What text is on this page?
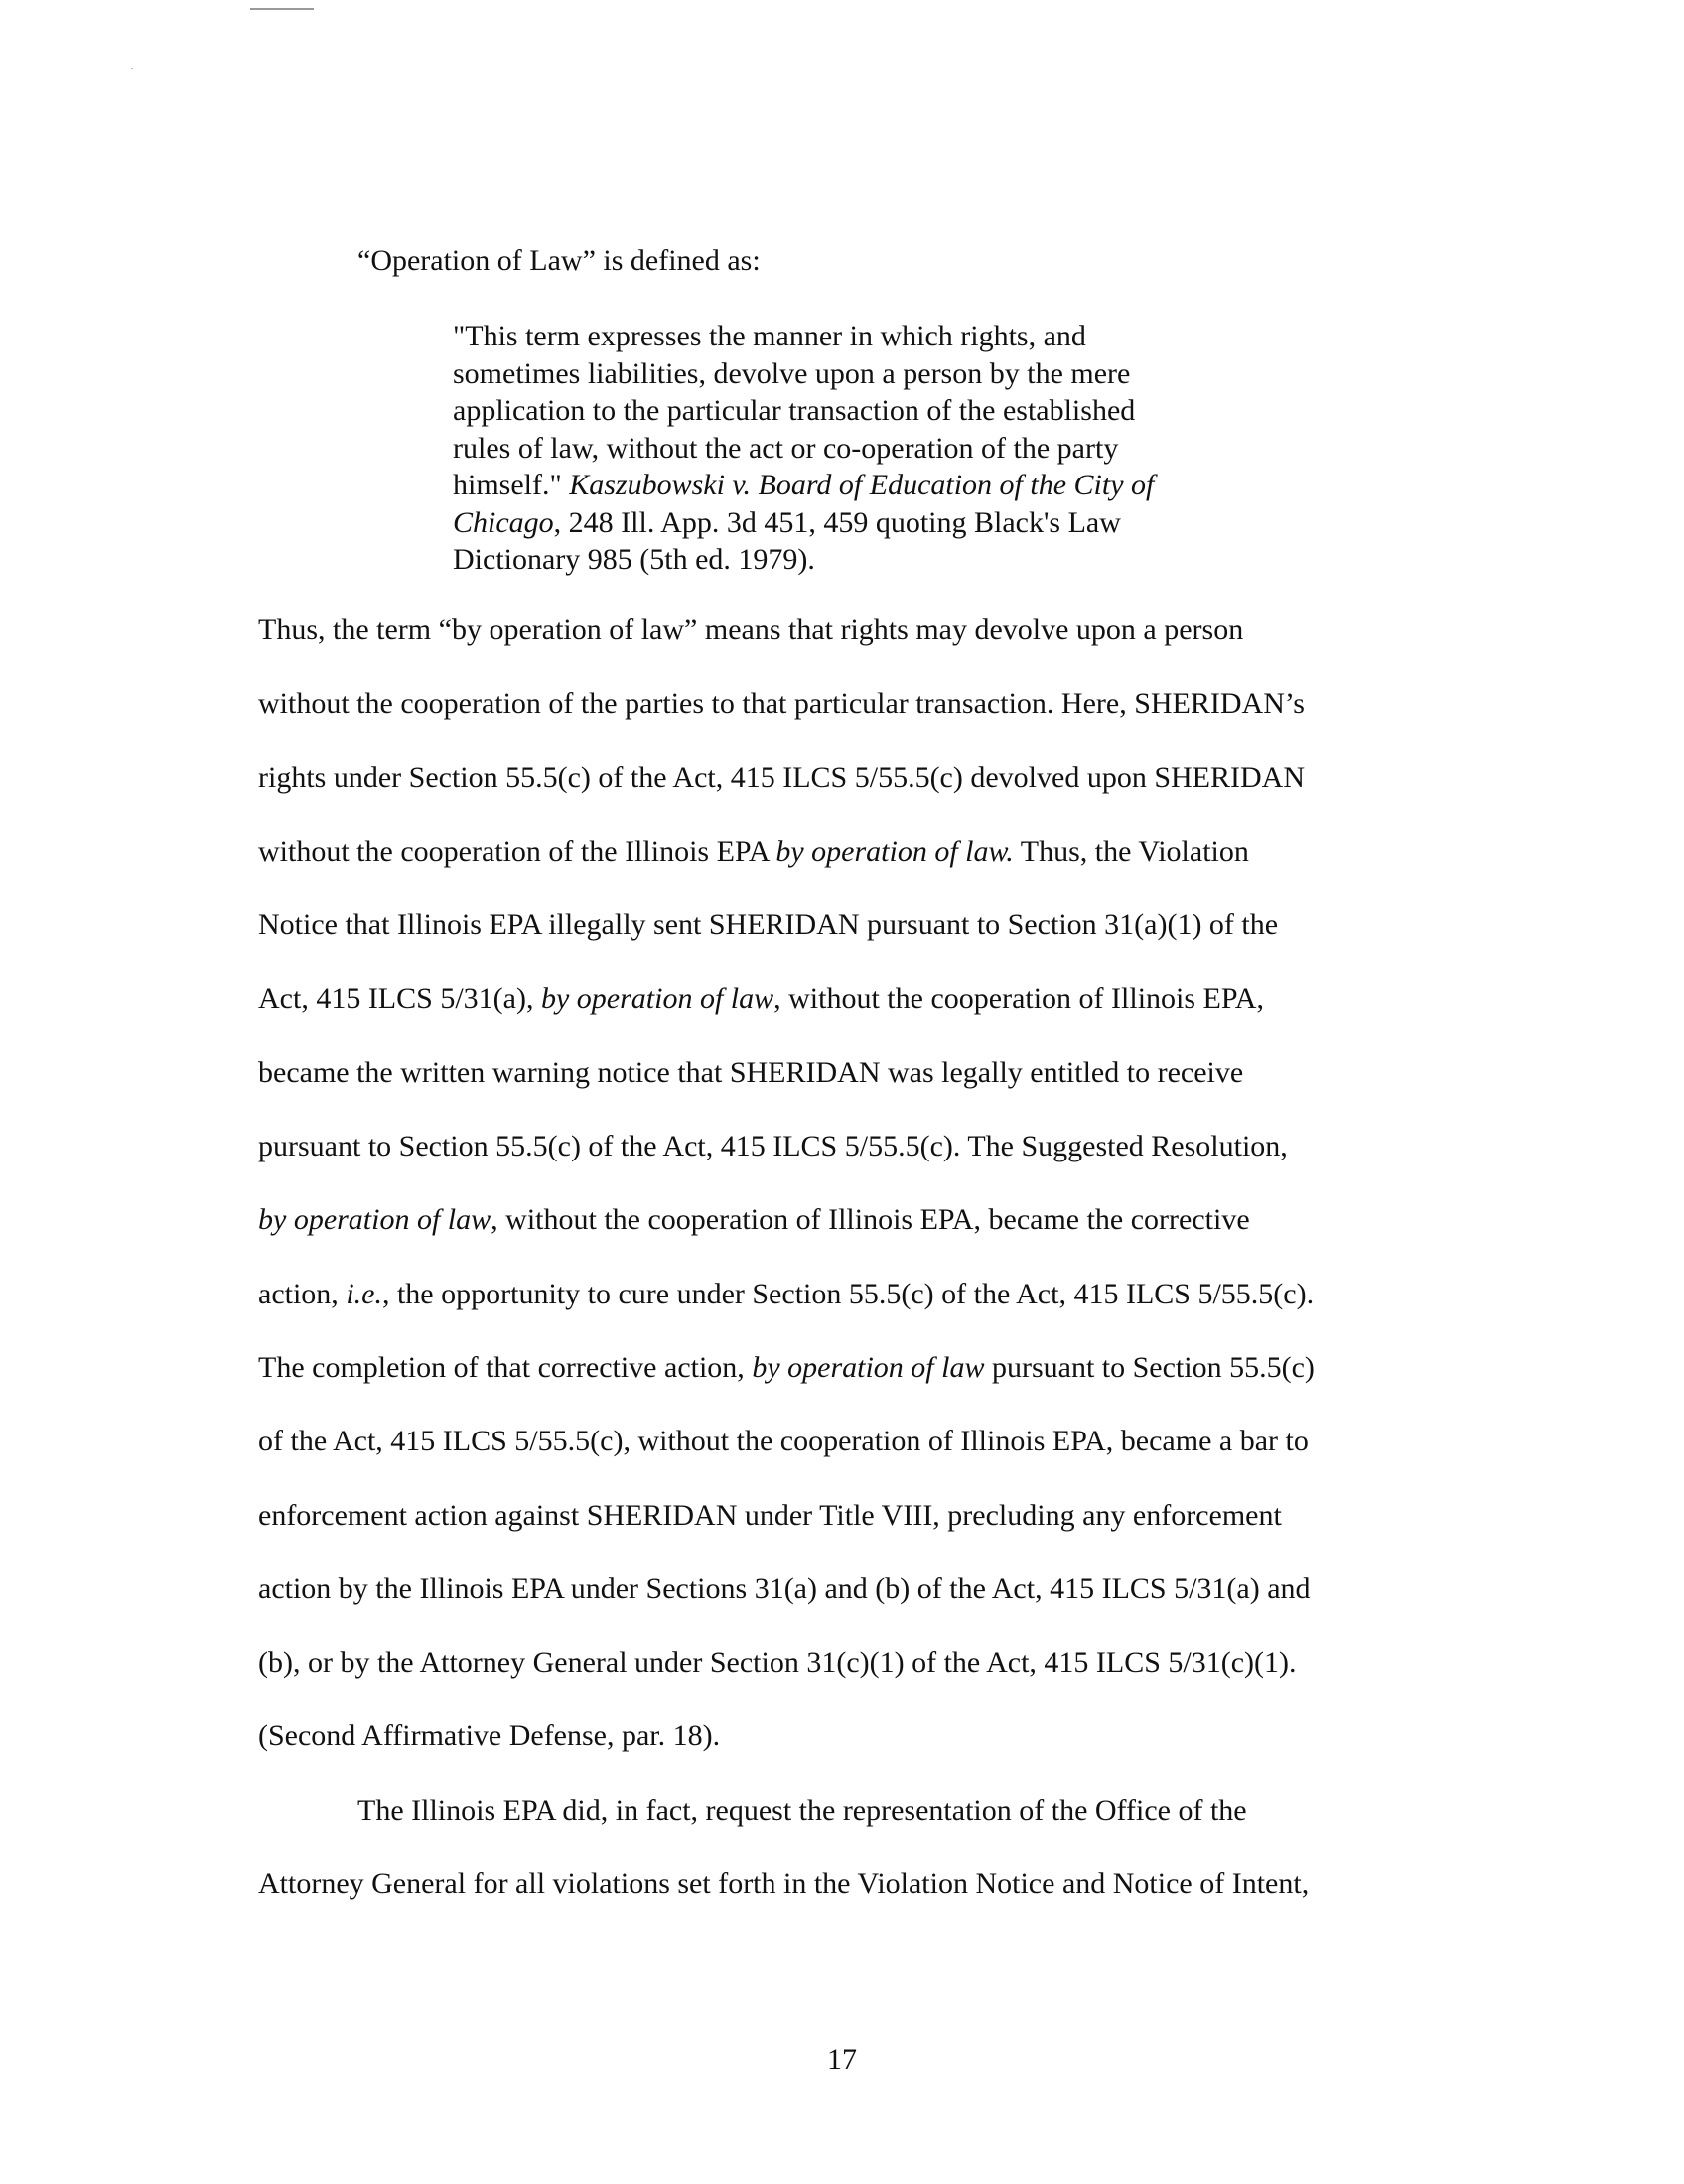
“Operation of Law” is defined as:
"This term expresses the manner in which rights, and
sometimes liabilities, devolve upon a person by the mere
application to the particular transaction of the established
rules of law, without the act or co-operation of the party
himself." Kaszubowski v. Board of Education of the City of
Chicago, 248 Ill. App. 3d 451, 459 quoting Black's Law
Dictionary 985 (5th ed. 1979).
Thus, the term “by operation of law” means that rights may devolve upon a person
without the cooperation of the parties to that particular transaction. Here, SHERIDAN’s
rights under Section 55.5(c) of the Act, 415 ILCS 5/55.5(c) devolved upon SHERIDAN
without the cooperation of the Illinois EPA by operation of law. Thus, the Violation
Notice that Illinois EPA illegally sent SHERIDAN pursuant to Section 31(a)(1) of the
Act, 415 ILCS 5/31(a), by operation of law, without the cooperation of Illinois EPA,
became the written warning notice that SHERIDAN was legally entitled to receive
pursuant to Section 55.5(c) of the Act, 415 ILCS 5/55.5(c). The Suggested Resolution,
by operation of law, without the cooperation of Illinois EPA, became the corrective
action, i.e., the opportunity to cure under Section 55.5(c) of the Act, 415 ILCS 5/55.5(c).
The completion of that corrective action, by operation of law pursuant to Section 55.5(c)
of the Act, 415 ILCS 5/55.5(c), without the cooperation of Illinois EPA, became a bar to
enforcement action against SHERIDAN under Title VIII, precluding any enforcement
action by the Illinois EPA under Sections 31(a) and (b) of the Act, 415 ILCS 5/31(a) and
(b), or by the Attorney General under Section 31(c)(1) of the Act, 415 ILCS 5/31(c)(1).
(Second Affirmative Defense, par. 18).
The Illinois EPA did, in fact, request the representation of the Office of the
Attorney General for all violations set forth in the Violation Notice and Notice of Intent,
17
